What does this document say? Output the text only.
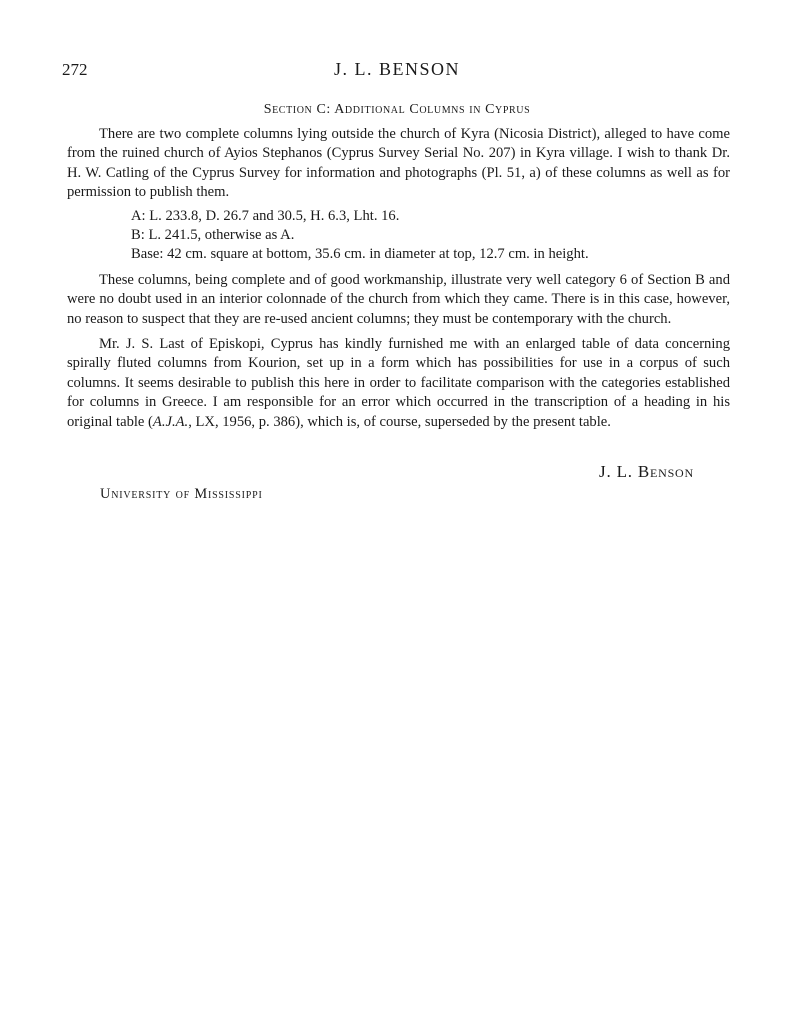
272	J. L. BENSON
Section C: Additional Columns in Cyprus

There are two complete columns lying outside the church of Kyra (Nicosia District), alleged to have come from the ruined church of Ayios Stephanos (Cyprus Survey Serial No. 207) in Kyra village. I wish to thank Dr. H. W. Catling of the Cyprus Survey for information and photographs (Pl. 51, a) of these columns as well as for permission to publish them.

A: L. 233.8, D. 26.7 and 30.5, H. 6.3, Lht. 16.

B: L. 241.5, otherwise as A.

Base: 42 cm. square at bottom, 35.6 cm. in diameter at top, 12.7 cm. in height.

These columns, being complete and of good workmanship, illustrate very well category 6 of Section B and were no doubt used in an interior colonnade of the church from which they came. There is in this case, however, no reason to suspect that they are re-used ancient columns; they must be contemporary with the church.

Mr. J. S. Last of Episkopi, Cyprus has kindly furnished me with an enlarged table of data concerning spirally fluted columns from Kourion, set up in a form which has possibilities for use in a corpus of such columns. It seems desirable to publish this here in order to facilitate comparison with the categories established for columns in Greece. I am responsible for an error which occurred in the transcription of a heading in his original table (A.J.A., LX, 1956, p. 386), which is, of course, superseded by the present table.

J. L. Benson
University of Mississippi
